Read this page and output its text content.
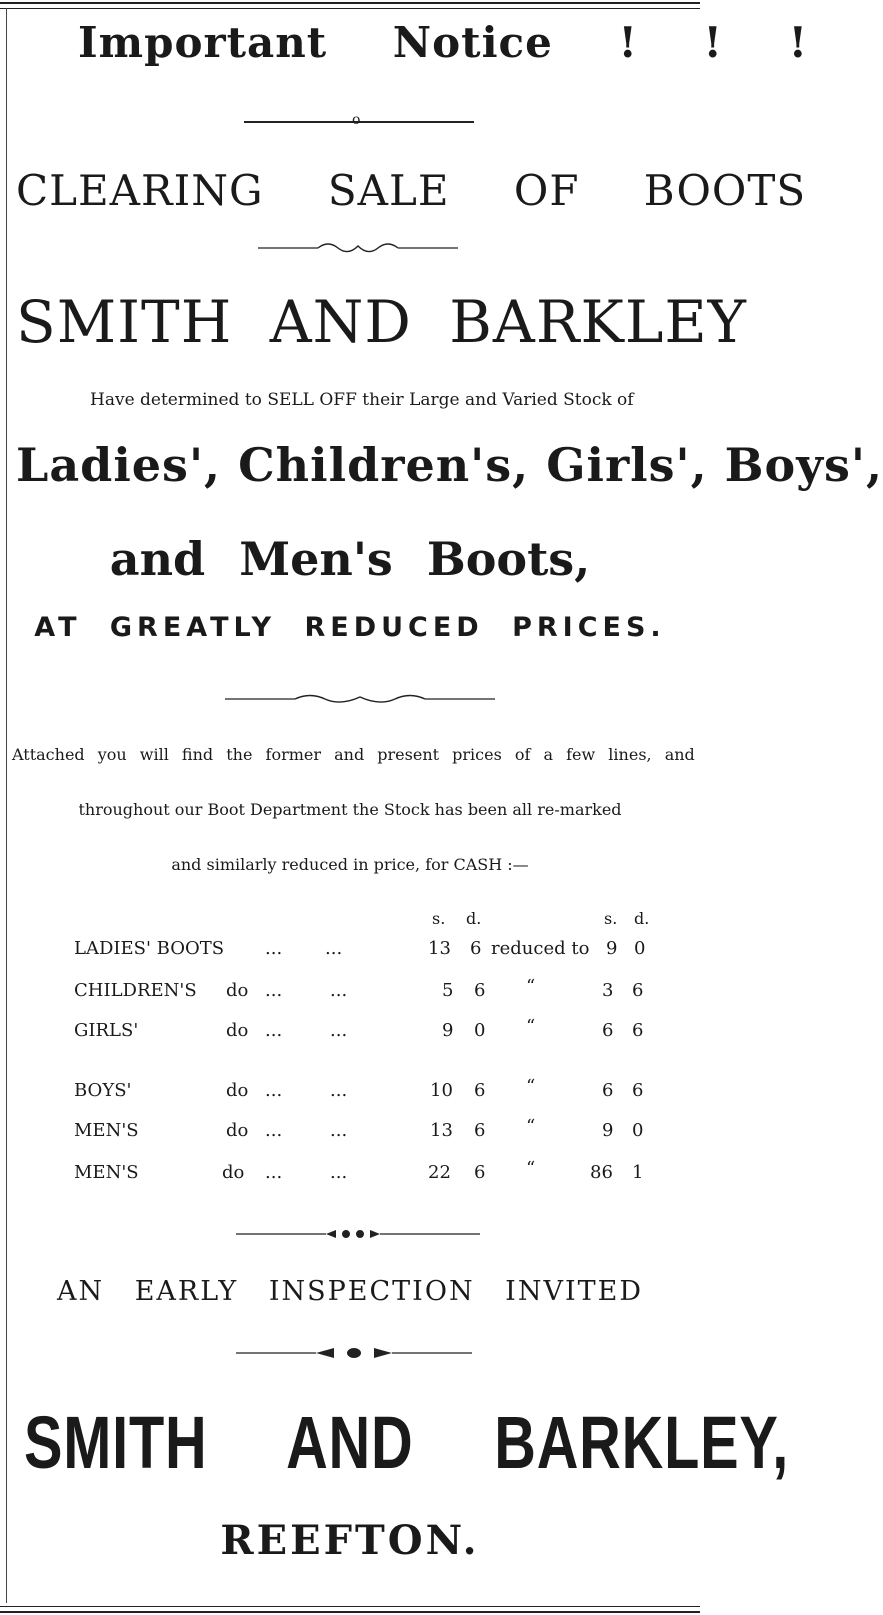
Important Notice ! ! !
o
CLEARING SALE OF BOOTS
SMITH AND BARKLEY
Have determined to SELL OFF their Large and Varied Stock of
Ladies', Children's, Girls', Boys',
and Men's Boots,
AT GREATLY REDUCED PRICES.
Attached you will find the former and present prices of a few lines, and
throughout our Boot Department the Stock has been all re-marked
and similarly reduced in price, for CASH :—
s. d.	s. d.
LADIES' BOOTS ... ...	13 6 reduced to 9 0
CHILDREN'S do ...	...	5 6 “	3 6
GIRLS'	do ...	...	9 0 “	6 6
BOYS'	do ...	...	10 6 “	6 6
MEN'S	do ...	...	13 6 “	9 0
MEN'S	do ...	...	22 6 “	86 1
AN EARLY INSPECTION INVITED
SMITH AND BARKLEY,
REEFTON.
